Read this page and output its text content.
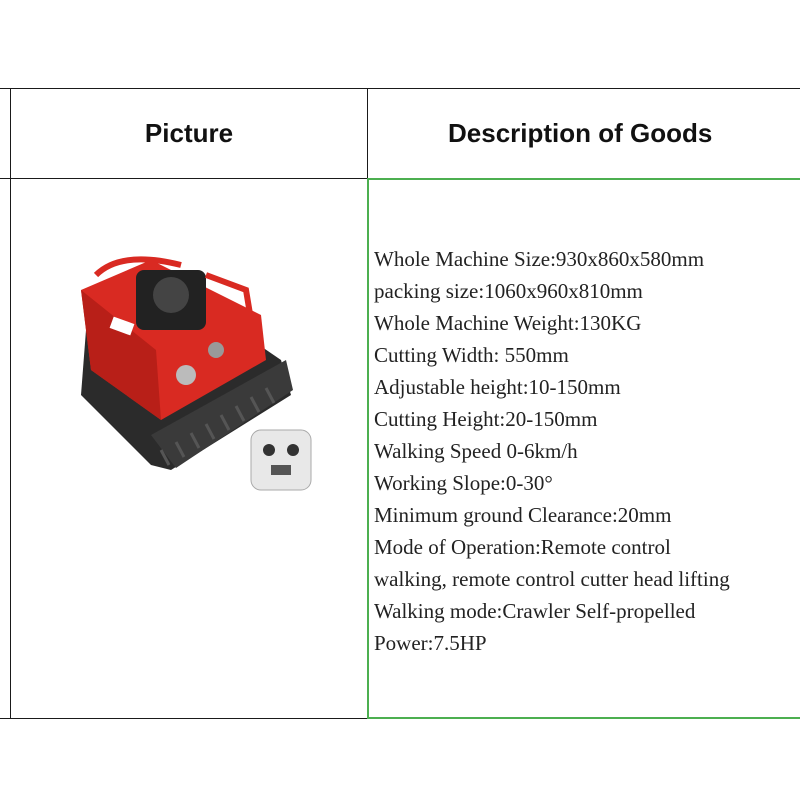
Picture	Description of Goods
Whole Machine Size:930x860x580mm
packing size:1060x960x810mm
Whole Machine Weight:130KG
Cutting Width: 550mm
Adjustable height:10-150mm
Cutting Height:20-150mm
Walking Speed 0-6km/h
Working Slope:0-30°
Minimum ground Clearance:20mm
Mode of Operation:Remote control
walking, remote control cutter head lifting
Walking mode:Crawler Self-propelled
Power:7.5HP
